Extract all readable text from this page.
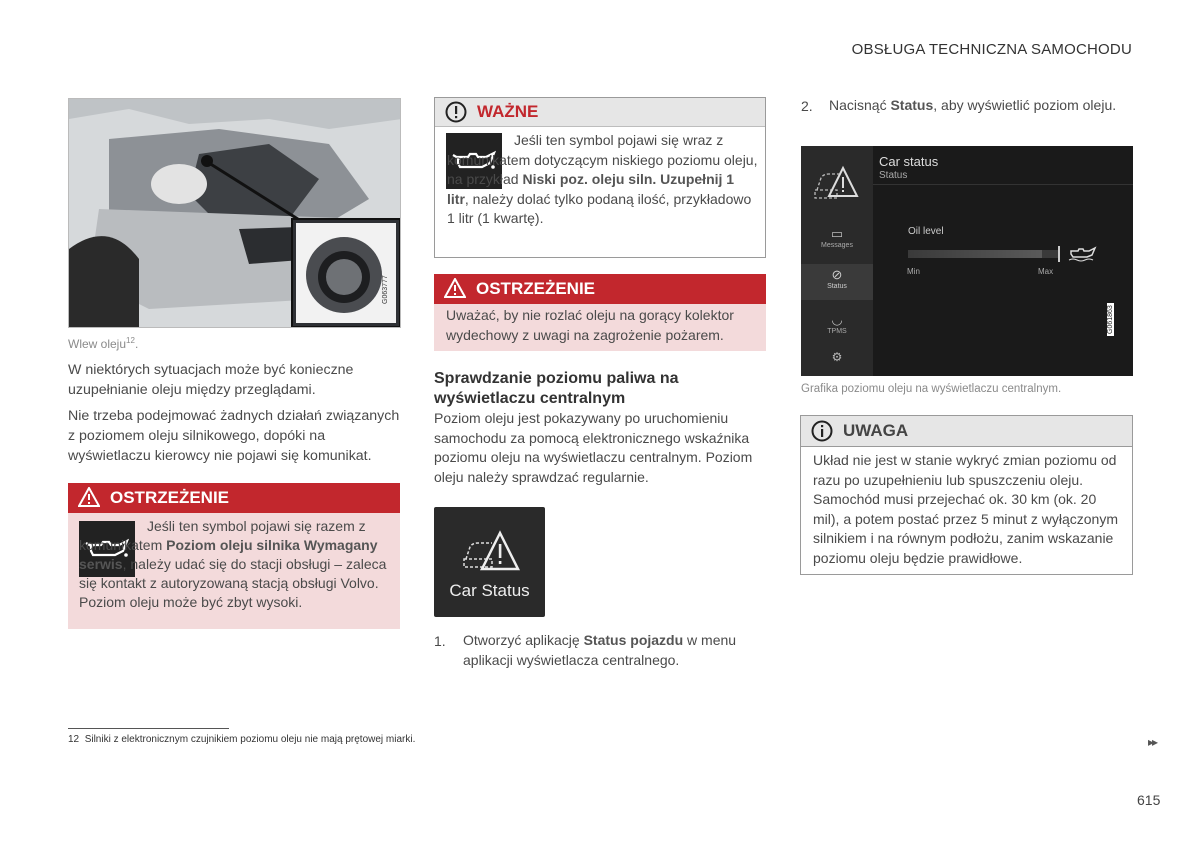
OBSŁUGA TECHNICZNA SAMOCHODU
G063777
Wlew oleju$^{12}$.
W niektórych sytuacjach może być konieczne uzupełnianie oleju między przeglądami.
Nie trzeba podejmować żadnych działań związanych z poziomem oleju silnikowego, dopóki na wyświetlaczu kierowcy nie pojawi się komunikat.
OSTRZEŻENIE
Jeśli ten symbol pojawi się razem z komunikatem Poziom oleju silnika Wymagany serwis, należy udać się do stacji obsługi – zaleca się kontakt z autoryzowaną stacją obsługi Volvo. Poziom oleju może być zbyt wysoki.
WAŻNE
Jeśli ten symbol pojawi się wraz z komunikatem dotyczącym niskiego poziomu oleju, na przykład Niski poz. oleju siln. Uzupełnij 1 litr, należy dolać tylko podaną ilość, przykładowo 1 litr (1 kwartę).
OSTRZEŻENIE
Uważać, by nie rozlać oleju na gorący kolektor wydechowy z uwagi na zagrożenie pożarem.
Sprawdzanie poziomu paliwa na wyświetlaczu centralnym
Poziom oleju jest pokazywany po uruchomieniu samochodu za pomocą elektronicznego wskaźnika poziomu oleju na wyświetlaczu centralnym. Poziom oleju należy sprawdzać regularnie.
Car Status
1. Otworzyć aplikację Status pojazdu w menu aplikacji wyświetlacza centralnego.
2. Nacisnąć Status, aby wyświetlić poziom oleju.
▭
Messages
⊘
Status
◡
TPMS
⚙
Car status
Status
Oil level
Min	Max
G061863
Grafika poziomu oleju na wyświetlaczu centralnym.
UWAGA
Układ nie jest w stanie wykryć zmian poziomu od razu po uzupełnieniu lub spuszczeniu oleju. Samochód musi przejechać ok. 30 km (ok. 20 mil), a potem postać przez 5 minut z wyłączonym silnikiem i na równym podłożu, zanim wskazanie poziomu oleju będzie prawidłowe.
12 Silniki z elektronicznym czujnikiem poziomu oleju nie mają prętowej miarki.	▸▸
615
